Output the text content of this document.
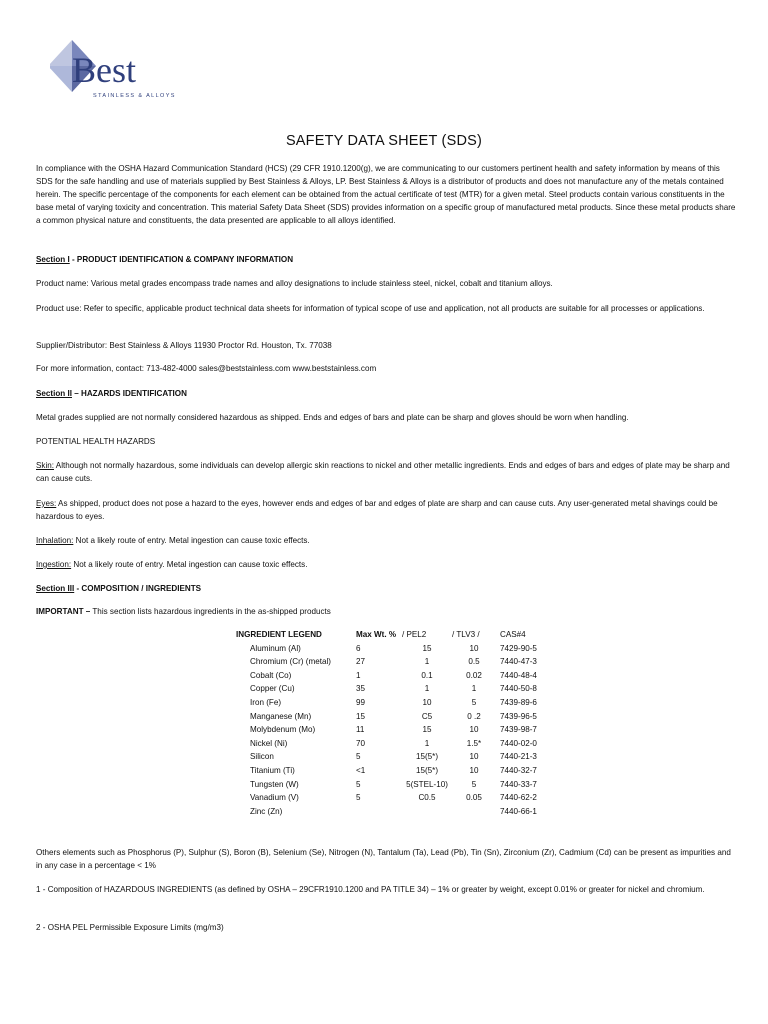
Best
STAINLESS & ALLOYS
SAFETY DATA SHEET (SDS)
In compliance with the OSHA Hazard Communication Standard (HCS) (29 CFR 1910.1200(g), we are communicating to our customers pertinent health and safety information by means of this SDS for the safe handling and use of materials supplied by Best Stainless & Alloys, LP. Best Stainless & Alloys is a distributor of products and does not manufacture any of the metals contained herein. The specific percentage of the components for each element can be obtained from the actual certificate of test (MTR) for a given metal. Steel products contain various constituents in the base metal of varying toxicity and concentration. This material Safety Data Sheet (SDS) provides information on a specific group of manufactured metal products. Since these metal products share a common physical nature and constituents, the data presented are applicable to all alloys identified.
Section I - PRODUCT IDENTIFICATION & COMPANY INFORMATION
Product name: Various metal grades encompass trade names and alloy designations to include stainless steel, nickel, cobalt and titanium alloys.
Product use: Refer to specific, applicable product technical data sheets for information of typical scope of use and application, not all products are suitable for all processes or applications.
Supplier/Distributor: Best Stainless & Alloys 11930 Proctor Rd. Houston, Tx. 77038
For more information, contact: 713-482-4000 sales@beststainless.com www.beststainless.com
Section II – HAZARDS IDENTIFICATION
Metal grades supplied are not normally considered hazardous as shipped. Ends and edges of bars and plate can be sharp and gloves should be worn when handling.
POTENTIAL HEALTH HAZARDS
Skin: Although not normally hazardous, some individuals can develop allergic skin reactions to nickel and other metallic ingredients. Ends and edges of bars and edges of plate may be sharp and can cause cuts.
Eyes: As shipped, product does not pose a hazard to the eyes, however ends and edges of bar and edges of plate are sharp and can cause cuts. Any user-generated metal shavings could be hazardous to eyes.
Inhalation: Not a likely route of entry. Metal ingestion can cause toxic effects.
Ingestion: Not a likely route of entry. Metal ingestion can cause toxic effects.
Section III - COMPOSITION / INGREDIENTS
IMPORTANT – This section lists hazardous ingredients in the as-shipped products
INGREDIENT LEGEND	Max Wt. %	/ PEL2	/ TLV3 /	CAS#4
Aluminum (Al)	6	15	10	7429-90-5
Chromium (Cr) (metal)	27	1	0.5	7440-47-3
Cobalt (Co)	1	0.1	0.02	7440-48-4
Copper (Cu)	35	1	1	7440-50-8
Iron (Fe)	99	10	5	7439-89-6
Manganese (Mn)	15	C5	0 .2	7439-96-5
Molybdenum (Mo)	11	15	10	7439-98-7
Nickel (Ni)	70	1	1.5*	7440-02-0
Silicon	5	15(5*)	10	7440-21-3
Titanium (Ti)	<1	15(5*)	10	7440-32-7
Tungsten (W)	5	5(STEL-10)	5	7440-33-7
Vanadium (V)	5	C0.5	0.05	7440-62-2
Zinc (Zn)				7440-66-1
Others elements such as Phosphorus (P), Sulphur (S), Boron (B), Selenium (Se), Nitrogen (N), Tantalum (Ta), Lead (Pb), Tin (Sn), Zirconium (Zr), Cadmium (Cd) can be present as impurities and in any case in a percentage < 1%
1 - Composition of HAZARDOUS INGREDIENTS (as defined by OSHA – 29CFR1910.1200 and PA TITLE 34) – 1% or greater by weight, except 0.01% or greater for nickel and chromium.
2 - OSHA PEL Permissible Exposure Limits (mg/m3)
